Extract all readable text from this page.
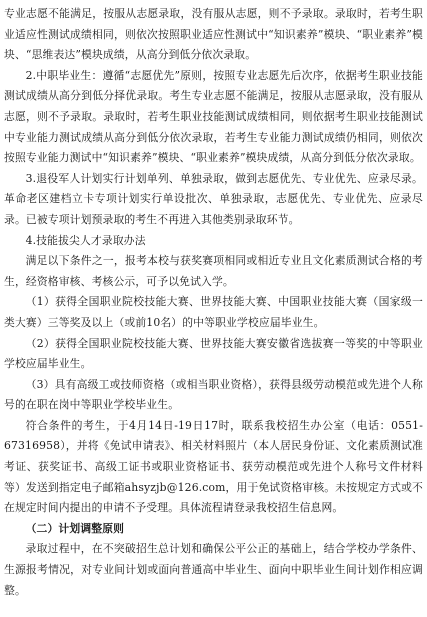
专业志愿不能满足，按服从志愿录取，没有服从志愿，则不予录取。录取时，若考生职业适应性测试成绩相同，则依次按照职业适应性测试中“知识素养”模块、“职业素养”模块、“思维表达”模块成绩，从高分到低分依次录取。

2.中职毕业生：遵循“志愿优先”原则，按照专业志愿先后次序，依据考生职业技能测试成绩从高分到低分择优录取。考生专业志愿不能满足，按服从志愿录取，没有服从志愿，则不予录取。录取时，若考生职业技能测试成绩相同，则依据考生职业技能测试中专业能力测试成绩从高分到低分依次录取，若考生专业能力测试成绩仍相同，则依次按照专业能力测试中“知识素养”模块、“职业素养”模块成绩，从高分到低分依次录取。

3.退役军人计划实行计划单列、单独录取，做到志愿优先、专业优先、应录尽录。革命老区建档立卡专项计划实行单设批次、单独录取，志愿优先、专业优先、应录尽录。已被专项计划预录取的考生不再进入其他类别录取环节。

4.技能拔尖人才录取办法

满足以下条件之一，报考本校与获奖赛项相同或相近专业且文化素质测试合格的考生，经资格审核、考核公示，可予以免试入学。

（1）获得全国职业院校技能大赛、世界技能大赛、中国职业技能大赛（国家级一类大赛）三等奖及以上（或前10名）的中等职业学校应届毕业生。

（2）获得全国职业院校技能大赛、世界技能大赛安徽省选拔赛一等奖的中等职业学校应届毕业生。

（3）具有高级工或技师资格（或相当职业资格），获得县级劳动模范或先进个人称号的在职在岗中等职业学校毕业生。

符合条件的考生，于4月14日-19日17时，联系我校招生办公室（电话：0551-67316958），并将《免试申请表》、相关材料照片（本人居民身份证、文化素质测试准考证、获奖证书、高级工证书或职业资格证书、获劳动模范或先进个人称号文件材料等）发送到指定电子邮箱ahsyzjb@126.com，用于免试资格审核。未按规定方式或不在规定时间内提出的申请不予受理。具体流程请登录我校招生信息网。

（二）计划调整原则

录取过程中，在不突破招生总计划和确保公平公正的基础上，结合学校办学条件、生源报考情况，对专业间计划或面向普通高中毕业生、面向中职毕业生间计划作相应调整。
